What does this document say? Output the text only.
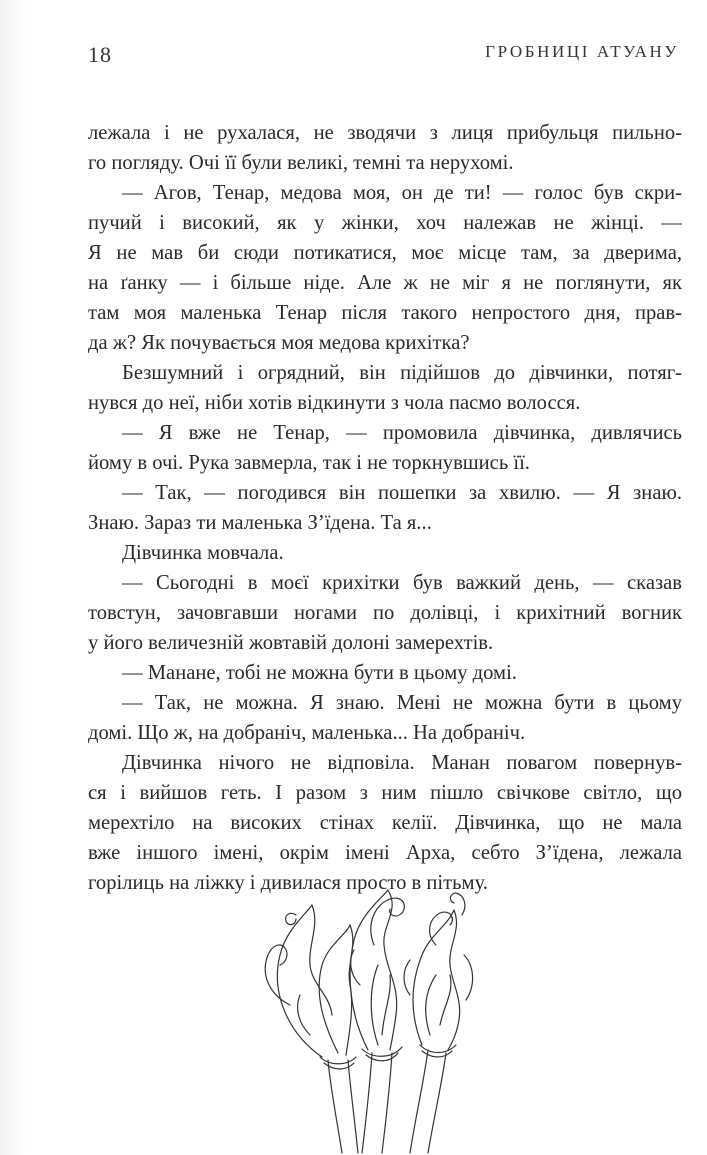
18	ГРОБНИЦІ АТУАНУ

лежала і не рухалася, не зводячи з лиця прибульця пильно-
го погляду. Очі її були великі, темні та нерухомі.

— Агов, Тенар, медова моя, он де ти! — голос був скри-
пучий і високий, як у жінки, хоч належав не жінці. —
Я не мав би сюди потикатися, моє місце там, за дверима,
на ґанку — і більше ніде. Але ж не міг я не поглянути, як
там моя маленька Тенар після такого непростого дня, прав-
да ж? Як почувається моя медова крихітка?

Безшумний і огрядний, він підійшов до дівчинки, потяг-
нувся до неї, ніби хотів відкинути з чола пасмо волосся.

— Я вже не Тенар, — промовила дівчинка, дивлячись
йому в очі. Рука завмерла, так і не торкнувшись її.

— Так, — погодився він пошепки за хвилю. — Я знаю.
Знаю. Зараз ти маленька З’їдена. Та я...

Дівчинка мовчала.

— Сьогодні в моєї крихітки був важкий день, — сказав
товстун, зачовгавши ногами по долівці, і крихітний вогник
у його величезній жовтавій долоні замерехтів.

— Манане, тобі не можна бути в цьому домі.

— Так, не можна. Я знаю. Мені не можна бути в цьому
домі. Що ж, на добраніч, маленька... На добраніч.

Дівчинка нічого не відповіла. Манан повагом повернув-
ся і вийшов геть. І разом з ним пішло свічкове світло, що
мерехтіло на високих стінах келії. Дівчинка, що не мала
вже іншого імені, окрім імені Арха, себто З’їдена, лежала
горілиць на ліжку і дивилася просто в пітьму.
